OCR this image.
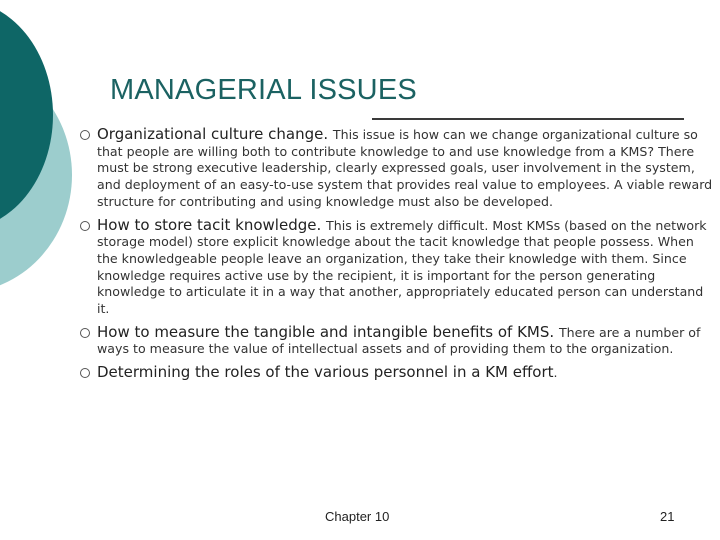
MANAGERIAL ISSUES
Organizational culture change. This issue is how can we change organizational culture so that people are willing both to contribute knowledge to and use knowledge from a KMS? There must be strong executive leadership, clearly expressed goals, user involvement in the system, and deployment of an easy-to-use system that provides real value to employees. A viable reward structure for contributing and using knowledge must also be developed.
How to store tacit knowledge. This is extremely difficult. Most KMSs (based on the network storage model) store explicit knowledge about the tacit knowledge that people possess. When the knowledgeable people leave an organization, they take their knowledge with them. Since knowledge requires active use by the recipient, it is important for the person generating knowledge to articulate it in a way that another, appropriately educated person can understand it.
How to measure the tangible and intangible benefits of KMS. There are a number of ways to measure the value of intellectual assets and of providing them to the organization.
Determining the roles of the various personnel in a KM effort.
Chapter 10	21
